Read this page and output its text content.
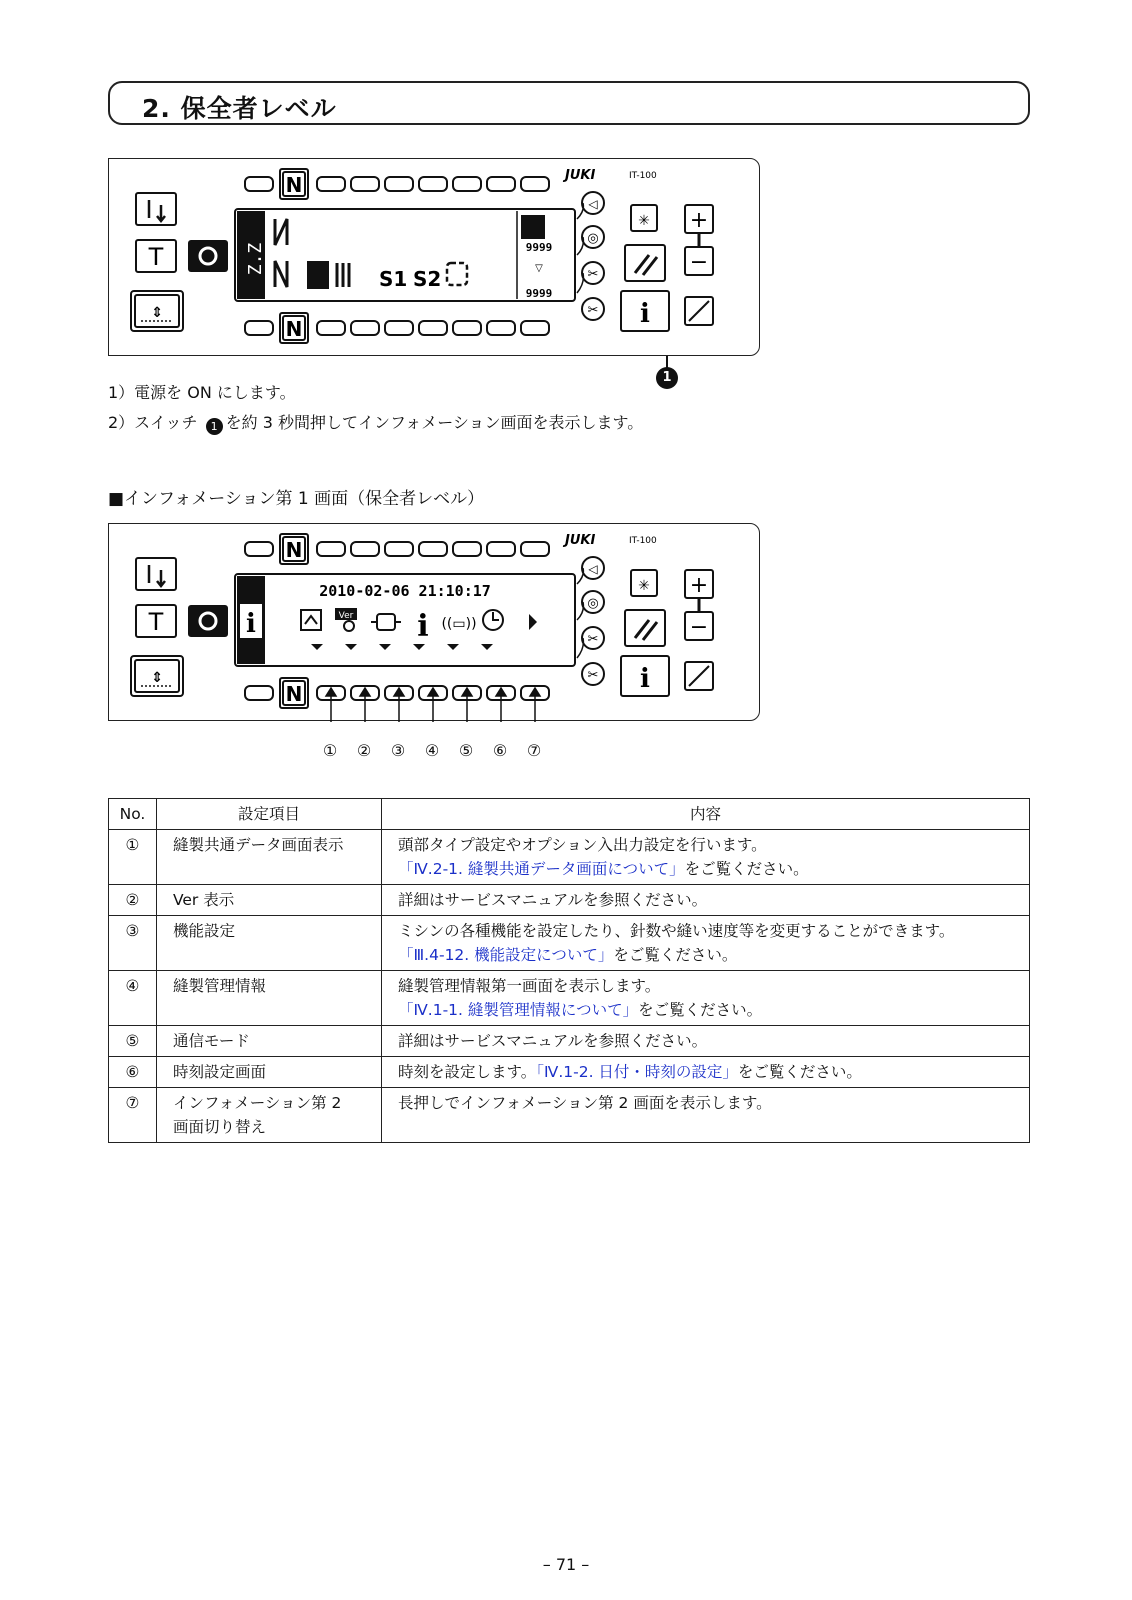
2. 保全者レベル
N
N
T
⇕
Z.Z
S1 S2
9999
▽
9999
◁
◎
✂
✂
JUKI	IT-100
✳ +
−
i
1
1）電源を ON にします。
2）スイッチ 1 を約 3 秒間押してインフォメーション画面を表示します。
■インフォメーション第 1 画面（保全者レベル）
N
N
T
⇕
i
2010-02-06 21:10:17
Ver i ((▭))
◁
◎
✂
✂
JUKI	IT-100
✳ +
−
i
① ② ③ ④ ⑤ ⑥ ⑦
No.	設定項目	内容
①	縫製共通データ画面表示	頭部タイプ設定やオプション入出力設定を行います。
「Ⅳ.2-1. 縫製共通データ画面について」をご覧ください。

②	Ver 表示	詳細はサービスマニュアルを参照ください。
③	機能設定	ミシンの各種機能を設定したり、針数や縫い速度等を変更することができます。
「Ⅲ.4-12. 機能設定について」をご覧ください。

④	縫製管理情報	縫製管理情報第一画面を表示します。
「Ⅳ.1-1. 縫製管理情報について」をご覧ください。

⑤	通信モード	詳細はサービスマニュアルを参照ください。
⑥	時刻設定画面	時刻を設定します。「Ⅳ.1-2. 日付・時刻の設定」をご覧ください。
⑦	インフォメーション第 2
画面切り替え	長押しでインフォメーション第 2 画面を表示します。
– 71 –
